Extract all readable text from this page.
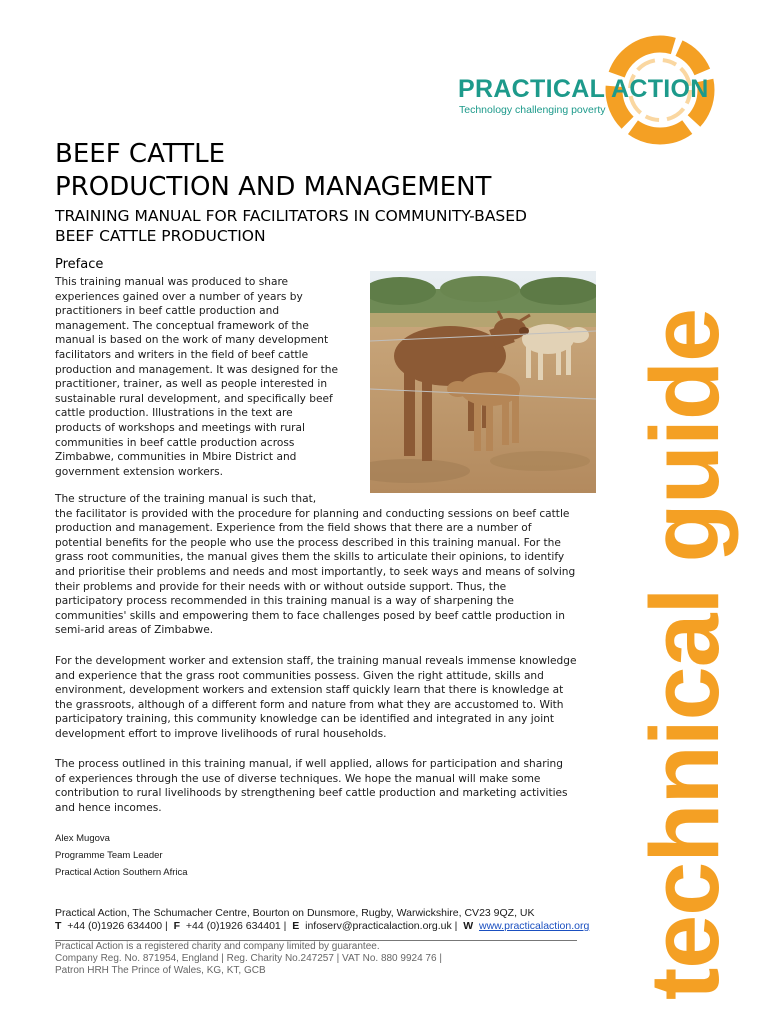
PRACTICAL ACTION
Technology challenging poverty
technical guide
BEEF CATTLE
PRODUCTION AND MANAGEMENT
TRAINING MANUAL FOR FACILITATORS IN COMMUNITY-BASED
BEEF CATTLE PRODUCTION
Preface
This training manual was produced to share
experiences gained over a number of years by
practitioners in beef cattle production and
management. The conceptual framework of the
manual is based on the work of many development
facilitators and writers in the field of beef cattle
production and management. It was designed for the
practitioner, trainer, as well as people interested in
sustainable rural development, and specifically beef
cattle production. Illustrations in the text are
products of workshops and meetings with rural
communities in beef cattle production across
Zimbabwe, communities in Mbire District and
government extension workers.
The structure of the training manual is such that,
the facilitator is provided with the procedure for planning and conducting sessions on beef cattle
production and management. Experience from the field shows that there are a number of
potential benefits for the people who use the process described in this training manual. For the
grass root communities, the manual gives them the skills to articulate their opinions, to identify
and prioritise their problems and needs and most importantly, to seek ways and means of solving
their problems and provide for their needs with or without outside support. Thus, the
participatory process recommended in this training manual is a way of sharpening the
communities' skills and empowering them to face challenges posed by beef cattle production in
semi-arid areas of Zimbabwe.
For the development worker and extension staff, the training manual reveals immense knowledge
and experience that the grass root communities possess. Given the right attitude, skills and
environment, development workers and extension staff quickly learn that there is knowledge at
the grassroots, although of a different form and nature from what they are accustomed to. With
participatory training, this community knowledge can be identified and integrated in any joint
development effort to improve livelihoods of rural households.
The process outlined in this training manual, if well applied, allows for participation and sharing
of experiences through the use of diverse techniques. We hope the manual will make some
contribution to rural livelihoods by strengthening beef cattle production and marketing activities
and hence incomes.
Alex Mugova
Programme Team Leader
Practical Action Southern Africa
Practical Action, The Schumacher Centre, Bourton on Dunsmore, Rugby, Warwickshire, CV23 9QZ, UK
T +44 (0)1926 634400 |  F +44 (0)1926 634401 |  E infoserv@practicalaction.org.uk |  W www.practicalaction.org
Practical Action is a registered charity and company limited by guarantee.
Company Reg. No. 871954, England | Reg. Charity No.247257 | VAT No. 880 9924 76 |
Patron HRH The Prince of Wales, KG, KT, GCB
